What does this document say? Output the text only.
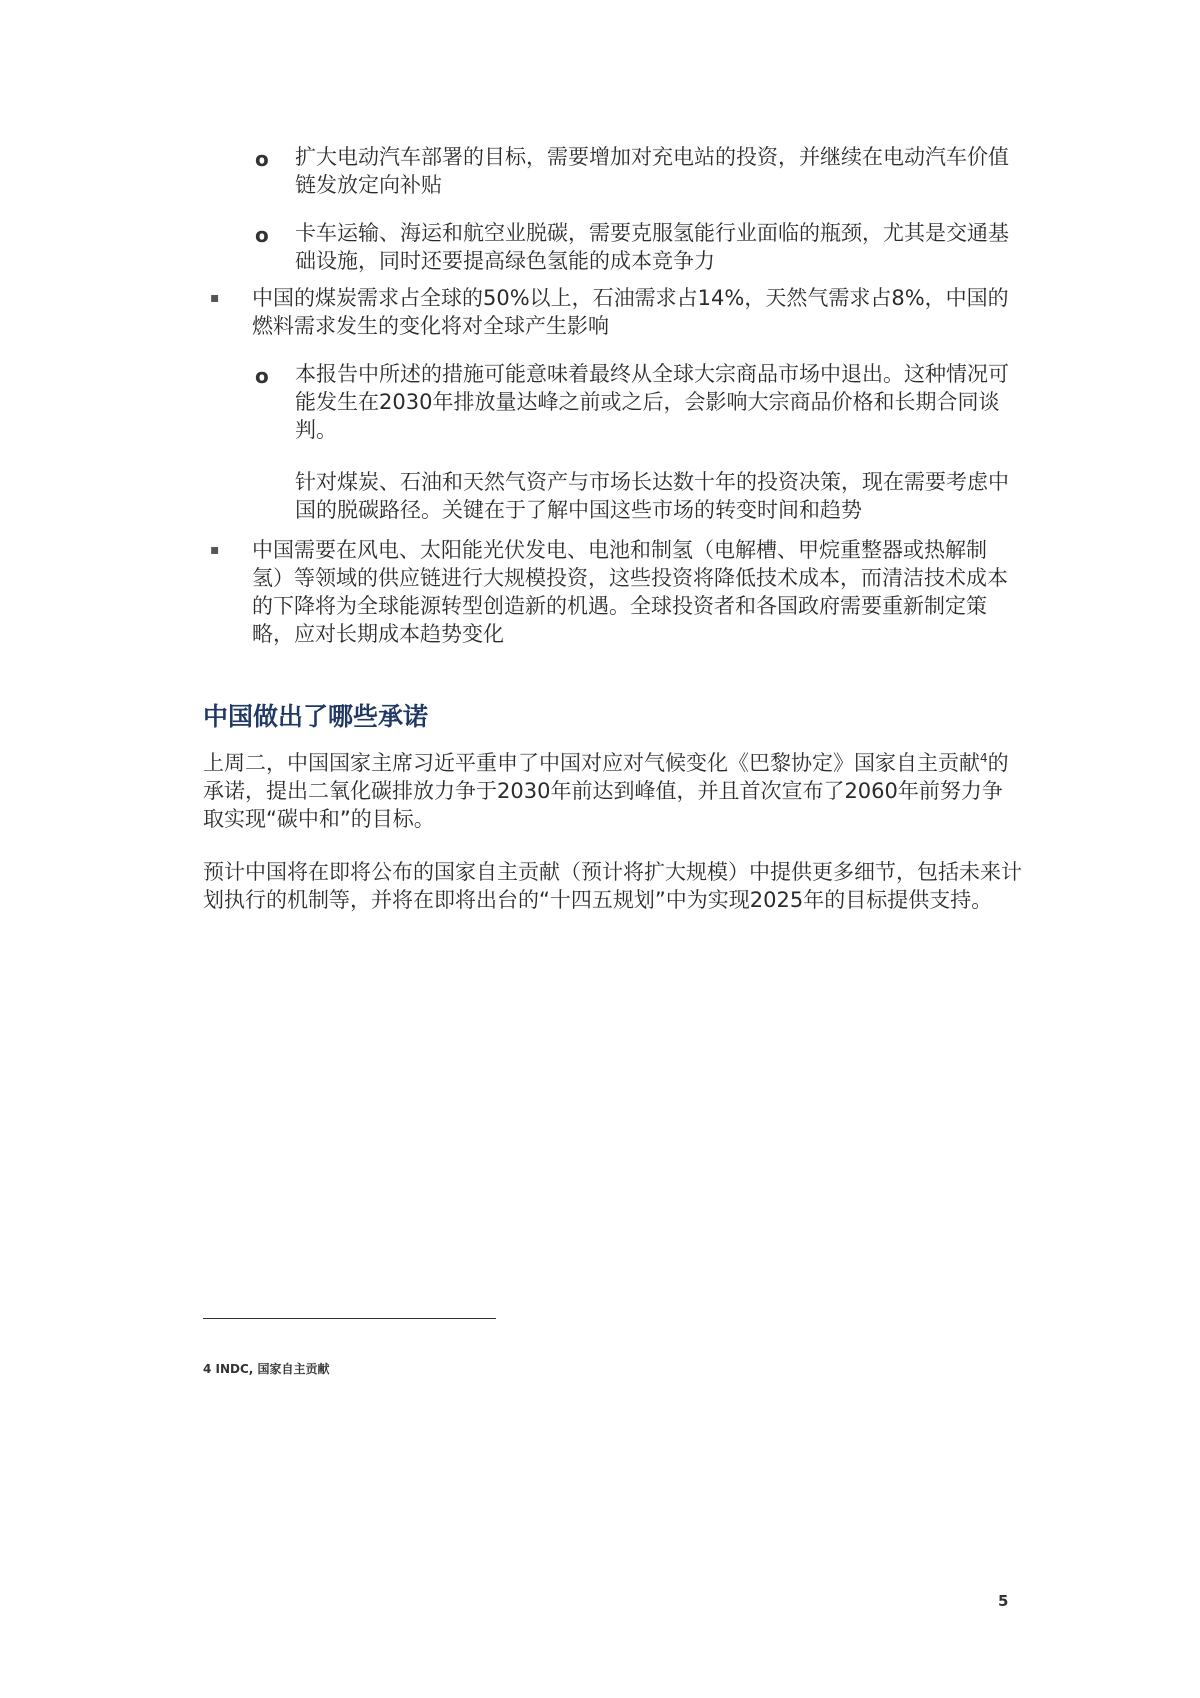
o 扩大电动汽车部署的目标，需要增加对充电站的投资，并继续在电动汽车价值链发放定向补贴
o 卡车运输、海运和航空业脱碳，需要克服氢能行业面临的瓶颈，尤其是交通基础设施，同时还要提高绿色氢能的成本竞争力
▪ 中国的煤炭需求占全球的50%以上，石油需求占14%，天然气需求占8%，中国的燃料需求发生的变化将对全球产生影响
o 本报告中所述的措施可能意味着最终从全球大宗商品市场中退出。这种情况可能发生在2030年排放量达峰之前或之后，会影响大宗商品价格和长期合同谈判。
针对煤炭、石油和天然气资产与市场长达数十年的投资决策，现在需要考虑中国的脱碳路径。关键在于了解中国这些市场的转变时间和趋势
▪ 中国需要在风电、太阳能光伏发电、电池和制氢（电解槽、甲烷重整器或热解制氢）等领域的供应链进行大规模投资，这些投资将降低技术成本，而清洁技术成本的下降将为全球能源转型创造新的机遇。全球投资者和各国政府需要重新制定策略，应对长期成本趋势变化
中国做出了哪些承诺
上周二，中国国家主席习近平重申了中国对应对气候变化《巴黎协定》国家自主贡献$^4$的承诺，提出二氧化碳排放力争于2030年前达到峰值，并且首次宣布了2060年前努力争取实现“碳中和”的目标。
预计中国将在即将公布的国家自主贡献（预计将扩大规模）中提供更多细节，包括未来计划执行的机制等，并将在即将出台的“十四五规划”中为实现2025年的目标提供支持。
4 INDC, 国家自主贡献
5
